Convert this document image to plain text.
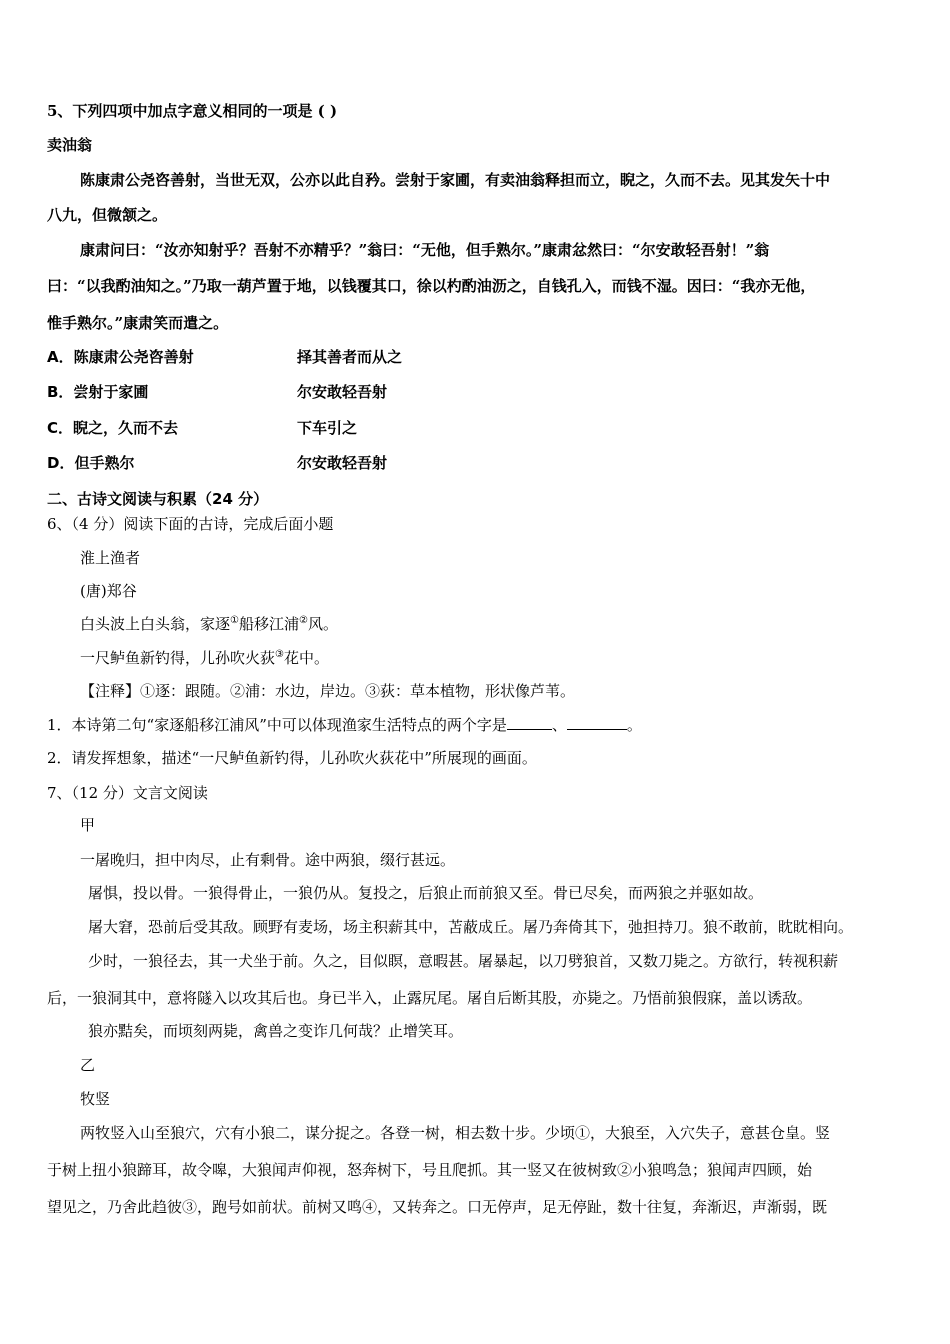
5、下列四项中加点字意义相同的一项是 ( )
卖油翁
陈康肃公尧咨善射，当世无双，公亦以此自矜。尝射于家圃，有卖油翁释担而立，睨之，久而不去。见其发矢十中
八九，但微颔之。
康肃问曰：“汝亦知射乎？吾射不亦精乎？”翁曰：“无他，但手熟尔。”康肃忿然曰：“尔安敢轻吾射！”翁
曰：“以我酌油知之。”乃取一葫芦置于地，以钱覆其口，徐以杓酌油沥之，自钱孔入，而钱不湿。因曰：“我亦无他，
惟手熟尔。”康肃笑而遣之。
A．陈康肃公尧咨善射	择其善者而从之
B．尝射于家圃	尔安敢轻吾射
C．睨之，久而不去	下车引之
D．但手熟尔	尔安敢轻吾射
二、古诗文阅读与积累（24 分）
6、（4 分）阅读下面的古诗，完成后面小题
淮上渔者
(唐)郑谷
白头波上白头翁，家逐①船移江浦②风。
一尺鲈鱼新钓得，儿孙吹火荻③花中。
【注释】①逐：跟随。②浦：水边，岸边。③荻：草本植物，形状像芦苇。
1．本诗第二句“家逐船移江浦风”中可以体现渔家生活特点的两个字是	、	。
2．请发挥想象，描述“一尺鲈鱼新钓得，儿孙吹火荻花中”所展现的画面。
7、（12 分）文言文阅读
甲
一屠晚归，担中肉尽，止有剩骨。途中两狼，缀行甚远。
屠惧，投以骨。一狼得骨止，一狼仍从。复投之，后狼止而前狼又至。骨已尽矣，而两狼之并驱如故。
屠大窘，恐前后受其敌。顾野有麦场，场主积薪其中，苫蔽成丘。屠乃奔倚其下，弛担持刀。狼不敢前，眈眈相向。
少时，一狼径去，其一犬坐于前。久之，目似瞑，意暇甚。屠暴起，以刀劈狼首，又数刀毙之。方欲行，转视积薪
后，一狼洞其中，意将隧入以攻其后也。身已半入，止露尻尾。屠自后断其股，亦毙之。乃悟前狼假寐，盖以诱敌。
狼亦黠矣，而顷刻两毙，禽兽之变诈几何哉？止增笑耳。
乙
牧竖
两牧竖入山至狼穴，穴有小狼二，谋分捉之。各登一树，相去数十步。少顷①，大狼至，入穴失子，意甚仓皇。竖
于树上扭小狼蹄耳，故令嗥，大狼闻声仰视，怒奔树下，号且爬抓。其一竖又在彼树致②小狼鸣急；狼闻声四顾，始
望见之，乃舍此趋彼③，跑号如前状。前树又鸣④，又转奔之。口无停声，足无停趾，数十往复，奔渐迟，声渐弱，既
